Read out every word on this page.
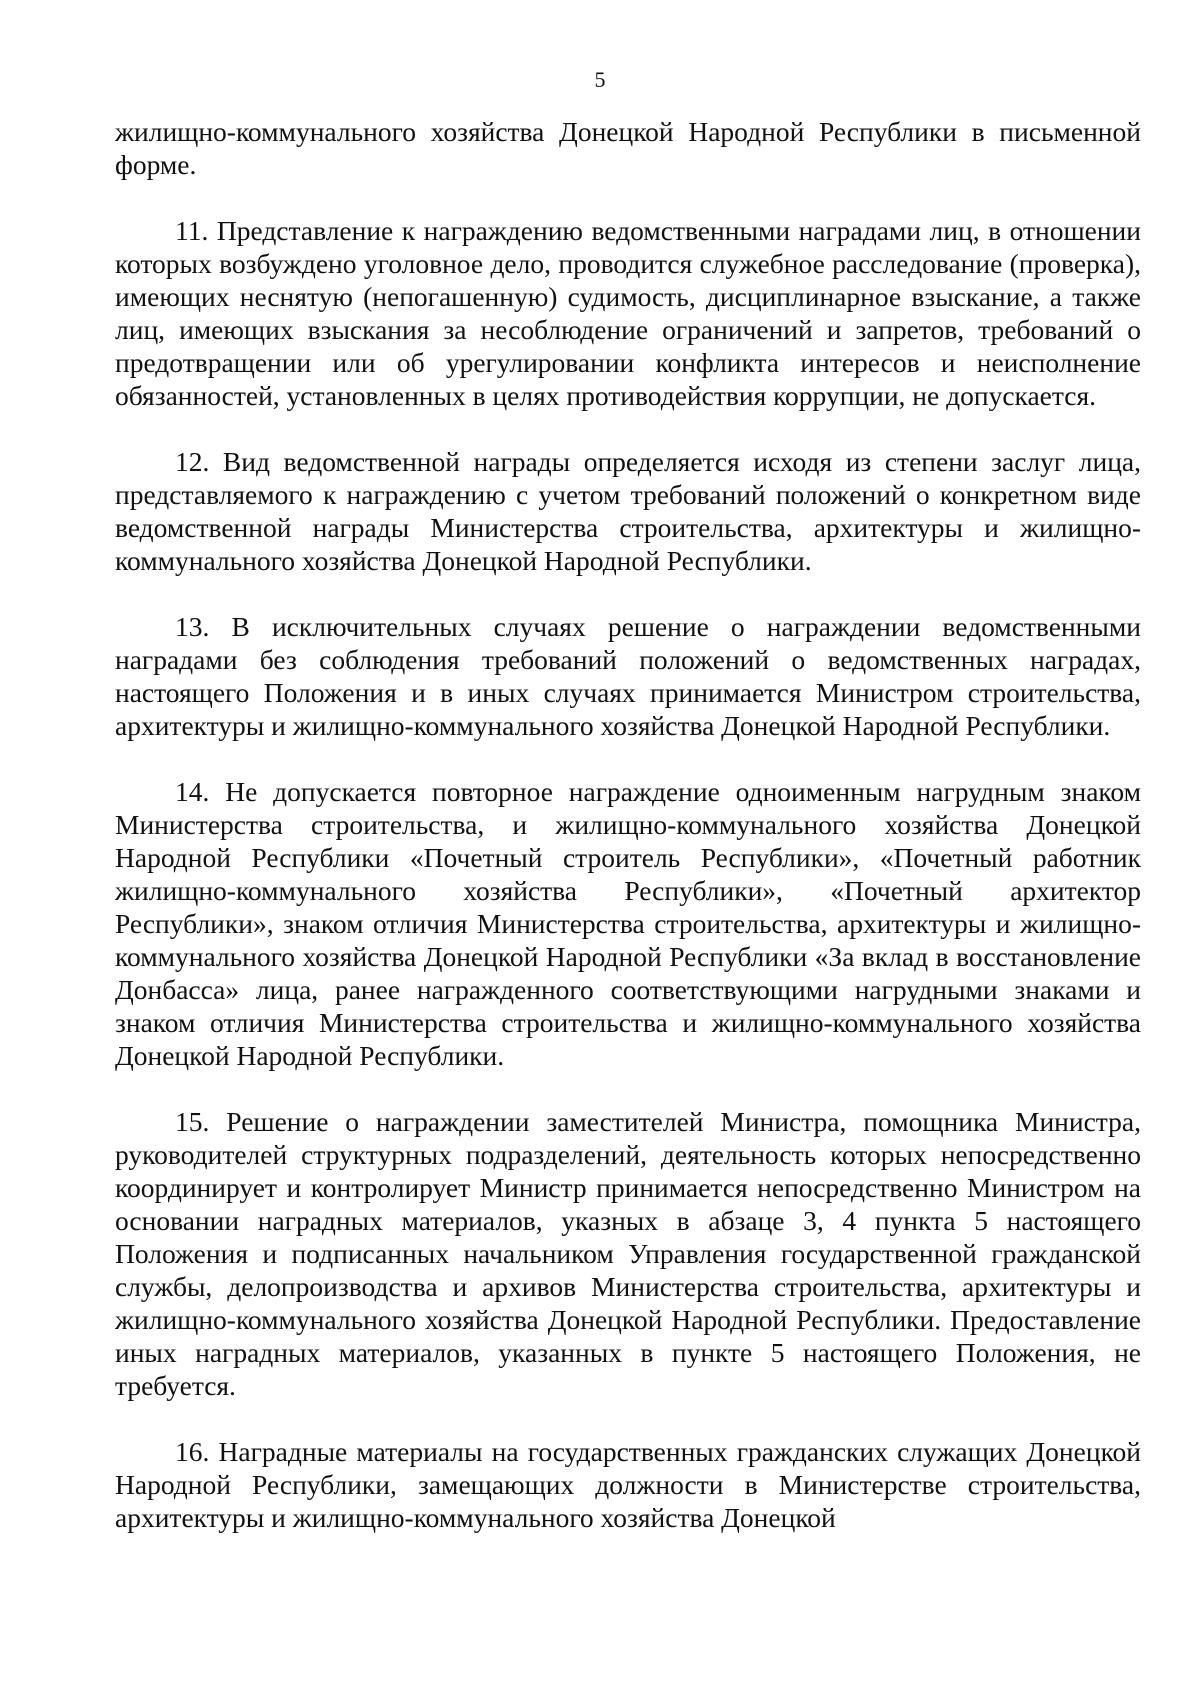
5

жилищно-коммунального хозяйства Донецкой Народной Республики в письменной форме.

11. Представление к награждению ведомственными наградами лиц, в отношении которых возбуждено уголовное дело, проводится служебное расследование (проверка), имеющих неснятую (непогашенную) судимость, дисциплинарное взыскание, а также лиц, имеющих взыскания за несоблюдение ограничений и запретов, требований о предотвращении или об урегулировании конфликта интересов и неисполнение обязанностей, установленных в целях противодействия коррупции, не допускается.

12. Вид ведомственной награды определяется исходя из степени заслуг лица, представляемого к награждению с учетом требований положений о конкретном виде ведомственной награды Министерства строительства, архитектуры и жилищно-коммунального хозяйства Донецкой Народной Республики.

13. В исключительных случаях решение о награждении ведомственными наградами без соблюдения требований положений о ведомственных наградах, настоящего Положения и в иных случаях принимается Министром строительства, архитектуры и жилищно-коммунального хозяйства Донецкой Народной Республики.

14. Не допускается повторное награждение одноименным нагрудным знаком Министерства строительства, и жилищно-коммунального хозяйства Донецкой Народной Республики «Почетный строитель Республики», «Почетный работник жилищно-коммунального хозяйства Республики», «Почетный архитектор Республики», знаком отличия Министерства строительства, архитектуры и жилищно-коммунального хозяйства Донецкой Народной Республики «За вклад в восстановление Донбасса» лица, ранее награжденного соответствующими нагрудными знаками и знаком отличия Министерства строительства и жилищно-коммунального хозяйства Донецкой Народной Республики.

15. Решение о награждении заместителей Министра, помощника Министра, руководителей структурных подразделений, деятельность которых непосредственно координирует и контролирует Министр принимается непосредственно Министром на основании наградных материалов, указных в абзаце 3, 4 пункта 5 настоящего Положения и подписанных начальником Управления государственной гражданской службы, делопроизводства и архивов Министерства строительства, архитектуры и жилищно-коммунального хозяйства Донецкой Народной Республики. Предоставление иных наградных материалов, указанных в пункте 5 настоящего Положения, не требуется.

16. Наградные материалы на государственных гражданских служащих Донецкой Народной Республики, замещающих должности в Министерстве строительства, архитектуры и жилищно-коммунального хозяйства Донецкой
